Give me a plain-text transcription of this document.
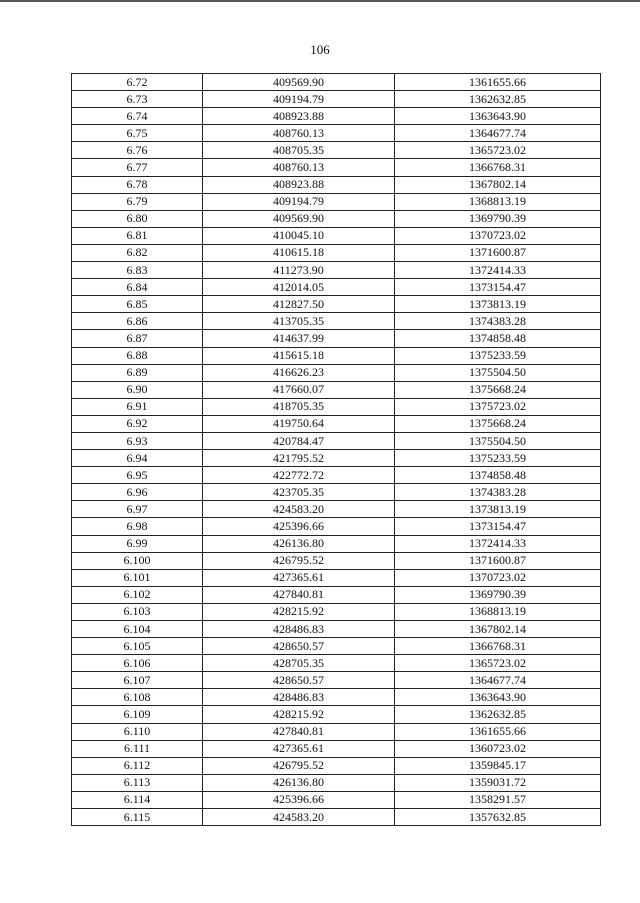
106
6.72	409569.90	1361655.66
6.73	409194.79	1362632.85
6.74	408923.88	1363643.90
6.75	408760.13	1364677.74
6.76	408705.35	1365723.02
6.77	408760.13	1366768.31
6.78	408923.88	1367802.14
6.79	409194.79	1368813.19
6.80	409569.90	1369790.39
6.81	410045.10	1370723.02
6.82	410615.18	1371600.87
6.83	411273.90	1372414.33
6.84	412014.05	1373154.47
6.85	412827.50	1373813.19
6.86	413705.35	1374383.28
6.87	414637.99	1374858.48
6.88	415615.18	1375233.59
6.89	416626.23	1375504.50
6.90	417660.07	1375668.24
6.91	418705.35	1375723.02
6.92	419750.64	1375668.24
6.93	420784.47	1375504.50
6.94	421795.52	1375233.59
6.95	422772.72	1374858.48
6.96	423705.35	1374383.28
6.97	424583.20	1373813.19
6.98	425396.66	1373154.47
6.99	426136.80	1372414.33
6.100	426795.52	1371600.87
6.101	427365.61	1370723.02
6.102	427840.81	1369790.39
6.103	428215.92	1368813.19
6.104	428486.83	1367802.14
6.105	428650.57	1366768.31
6.106	428705.35	1365723.02
6.107	428650.57	1364677.74
6.108	428486.83	1363643.90
6.109	428215.92	1362632.85
6.110	427840.81	1361655.66
6.111	427365.61	1360723.02
6.112	426795.52	1359845.17
6.113	426136.80	1359031.72
6.114	425396.66	1358291.57
6.115	424583.20	1357632.85
